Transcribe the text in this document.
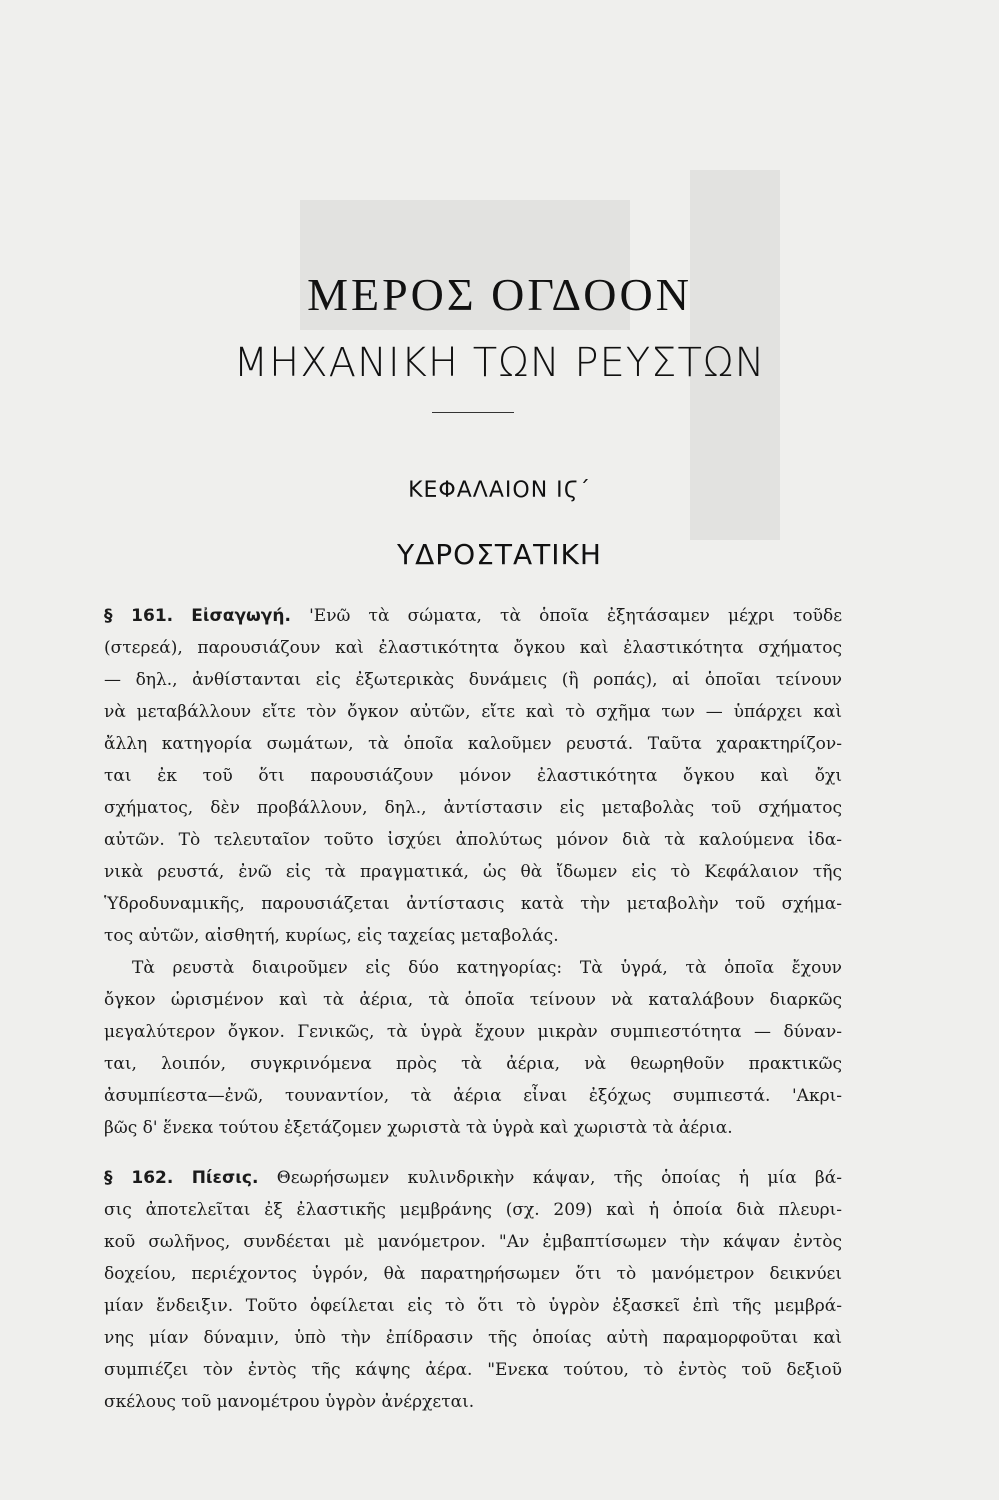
ΜΕΡΟΣ ΟΓΔΟΟΝ
ΜΗΧΑΝΙΚΗ ΤΩΝ ΡΕΥΣΤΩΝ
ΚΕΦΑΛΑΙΟΝ ΙϚ΄
ΥΔΡΟΣΤΑΤΙΚΗ
§ 161. Εἰσαγωγή. 'Ενῶ τὰ σώματα, τὰ ὁποῖα ἐξητάσαμεν μέχρι τοῦδε
(στερεά), παρουσιάζουν καὶ ἐλαστικότητα ὄγκου καὶ ἐλαστικότητα σχήματος
— δηλ., ἀνθίστανται εἰς ἐξωτερικὰς δυνάμεις (ἢ ροπάς), αἱ ὁποῖαι τείνουν
νὰ μεταβάλλουν εἴτε τὸν ὄγκον αὐτῶν, εἴτε καὶ τὸ σχῆμα των — ὑπάρχει καὶ
ἄλλη κατηγορία σωμάτων, τὰ ὁποῖα καλοῦμεν ρευστά. Ταῦτα χαρακτηρίζον-
ται ἐκ τοῦ ὅτι παρουσιάζουν μόνον ἐλαστικότητα ὄγκου καὶ ὄχι
σχήματος, δὲν προβάλλουν, δηλ., ἀντίστασιν εἰς μεταβολὰς τοῦ σχήματος
αὐτῶν. Τὸ τελευταῖον τοῦτο ἰσχύει ἀπολύτως μόνον διὰ τὰ καλούμενα ἰδα-
νικὰ ρευστά, ἐνῶ εἰς τὰ πραγματικά, ὡς θὰ ἴδωμεν εἰς τὸ Κεφάλαιον τῆς
Ὑδροδυναμικῆς, παρουσιάζεται ἀντίστασις κατὰ τὴν μεταβολὴν τοῦ σχήμα-
τος αὐτῶν, αἰσθητή, κυρίως, εἰς ταχείας μεταβολάς.
Τὰ ρευστὰ διαιροῦμεν εἰς δύο κατηγορίας: Τὰ ὑγρά, τὰ ὁποῖα ἔχουν
ὄγκον ὡρισμένον καὶ τὰ ἀέρια, τὰ ὁποῖα τείνουν νὰ καταλάβουν διαρκῶς
μεγαλύτερον ὄγκον. Γενικῶς, τὰ ὑγρὰ ἔχουν μικρὰν συμπιεστότητα — δύναν-
ται, λοιπόν, συγκρινόμενα πρὸς τὰ ἀέρια, νὰ θεωρηθοῦν πρακτικῶς
ἀσυμπίεστα—ἐνῶ, τουναντίον, τὰ ἀέρια εἶναι ἐξόχως συμπιεστά. 'Ακρι-
βῶς δ' ἕνεκα τούτου ἐξετάζομεν χωριστὰ τὰ ὑγρὰ καὶ χωριστὰ τὰ ἀέρια.
§ 162. Πίεσις. Θεωρήσωμεν κυλινδρικὴν κάψαν, τῆς ὁποίας ἡ μία βά-
σις ἀποτελεῖται ἐξ ἐλαστικῆς μεμβράνης (σχ. 209) καὶ ἡ ὁποία διὰ πλευρι-
κοῦ σωλῆνος, συνδέεται μὲ μανόμετρον. "Αν ἐμβαπτίσωμεν τὴν κάψαν ἐντὸς
δοχείου, περιέχοντος ὑγρόν, θὰ παρατηρήσωμεν ὅτι τὸ μανόμετρον δεικνύει
μίαν ἔνδειξιν. Τοῦτο ὀφείλεται εἰς τὸ ὅτι τὸ ὑγρὸν ἐξασκεῖ ἐπὶ τῆς μεμβρά-
νης μίαν δύναμιν, ὑπὸ τὴν ἐπίδρασιν τῆς ὁποίας αὐτὴ παραμορφοῦται καὶ
συμπιέζει τὸν ἐντὸς τῆς κάψης ἀέρα. "Ενεκα τούτου, τὸ ἐντὸς τοῦ δεξιοῦ
σκέλους τοῦ μανομέτρου ὑγρὸν ἀνέρχεται.
